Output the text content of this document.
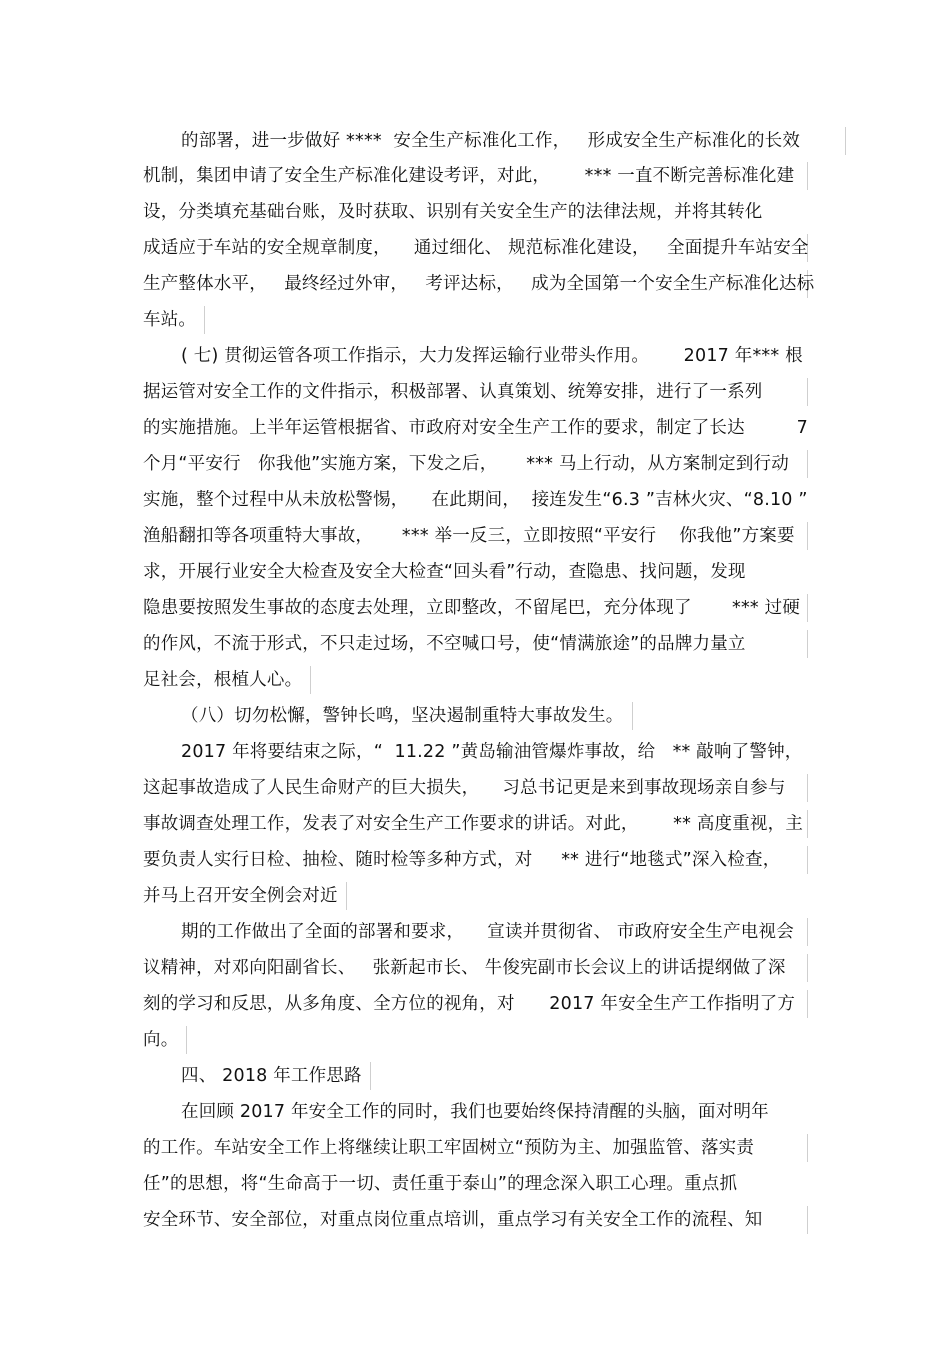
的部署，进一步做好 ****  安全生产标准化工作，   形成安全生产标准化的长效
机制，集团申请了安全生产标准化建设考评，对此，      *** 一直不断完善标准化建
设，分类填充基础台账，及时获取、识别有关安全生产的法律法规，并将其转化
成适应于车站的安全规章制度，    通过细化、 规范标准化建设，   全面提升车站安全
生产整体水平，   最终经过外审，   考评达标，   成为全国第一个安全生产标准化达标
车站。
( 七) 贯彻运管各项工作指示，大力发挥运输行业带头作用。      2017 年*** 根
据运管对安全工作的文件指示，积极部署、认真策划、统筹安排，进行了一系列
的实施措施。上半年运管根据省、市政府对安全生产工作的要求，制定了长达         7
个月“平安行   你我他”实施方案，下发之后，     *** 马上行动，从方案制定到行动
实施，整个过程中从未放松警惕，    在此期间，  接连发生“6.3 ”吉林火灾、“8.10 ”
渔船翻扣等各项重特大事故，     *** 举一反三，立即按照“平安行    你我他”方案要
求，开展行业安全大检查及安全大检查“回头看”行动，查隐患、找问题，发现
隐患要按照发生事故的态度去处理，立即整改，不留尾巴，充分体现了       *** 过硬
的作风，不流于形式，不只走过场，不空喊口号，使“情满旅途”的品牌力量立
足社会，根植人心。
（八）切勿松懈，警钟长鸣，坚决遏制重特大事故发生。
2017 年将要结束之际，“  11.22 ”黄岛输油管爆炸事故，给   ** 敲响了警钟，
这起事故造成了人民生命财产的巨大损失，    习总书记更是来到事故现场亲自参与
事故调查处理工作，发表了对安全生产工作要求的讲话。对此，      ** 高度重视，主
要负责人实行日检、抽检、随时检等多种方式，对     ** 进行“地毯式”深入检查，
并马上召开安全例会对近
期的工作做出了全面的部署和要求，    宣读并贯彻省、 市政府安全生产电视会
议精神，对邓向阳副省长、   张新起市长、 牛俊宪副市长会议上的讲话提纲做了深
刻的学习和反思，从多角度、全方位的视角，对      2017 年安全生产工作指明了方
向。
四、 2018 年工作思路
在回顾 2017 年安全工作的同时，我们也要始终保持清醒的头脑，面对明年
的工作。车站安全工作上将继续让职工牢固树立“预防为主、加强监管、落实责
任”的思想，将“生命高于一切、责任重于泰山”的理念深入职工心理。重点抓
安全环节、安全部位，对重点岗位重点培训，重点学习有关安全工作的流程、知
